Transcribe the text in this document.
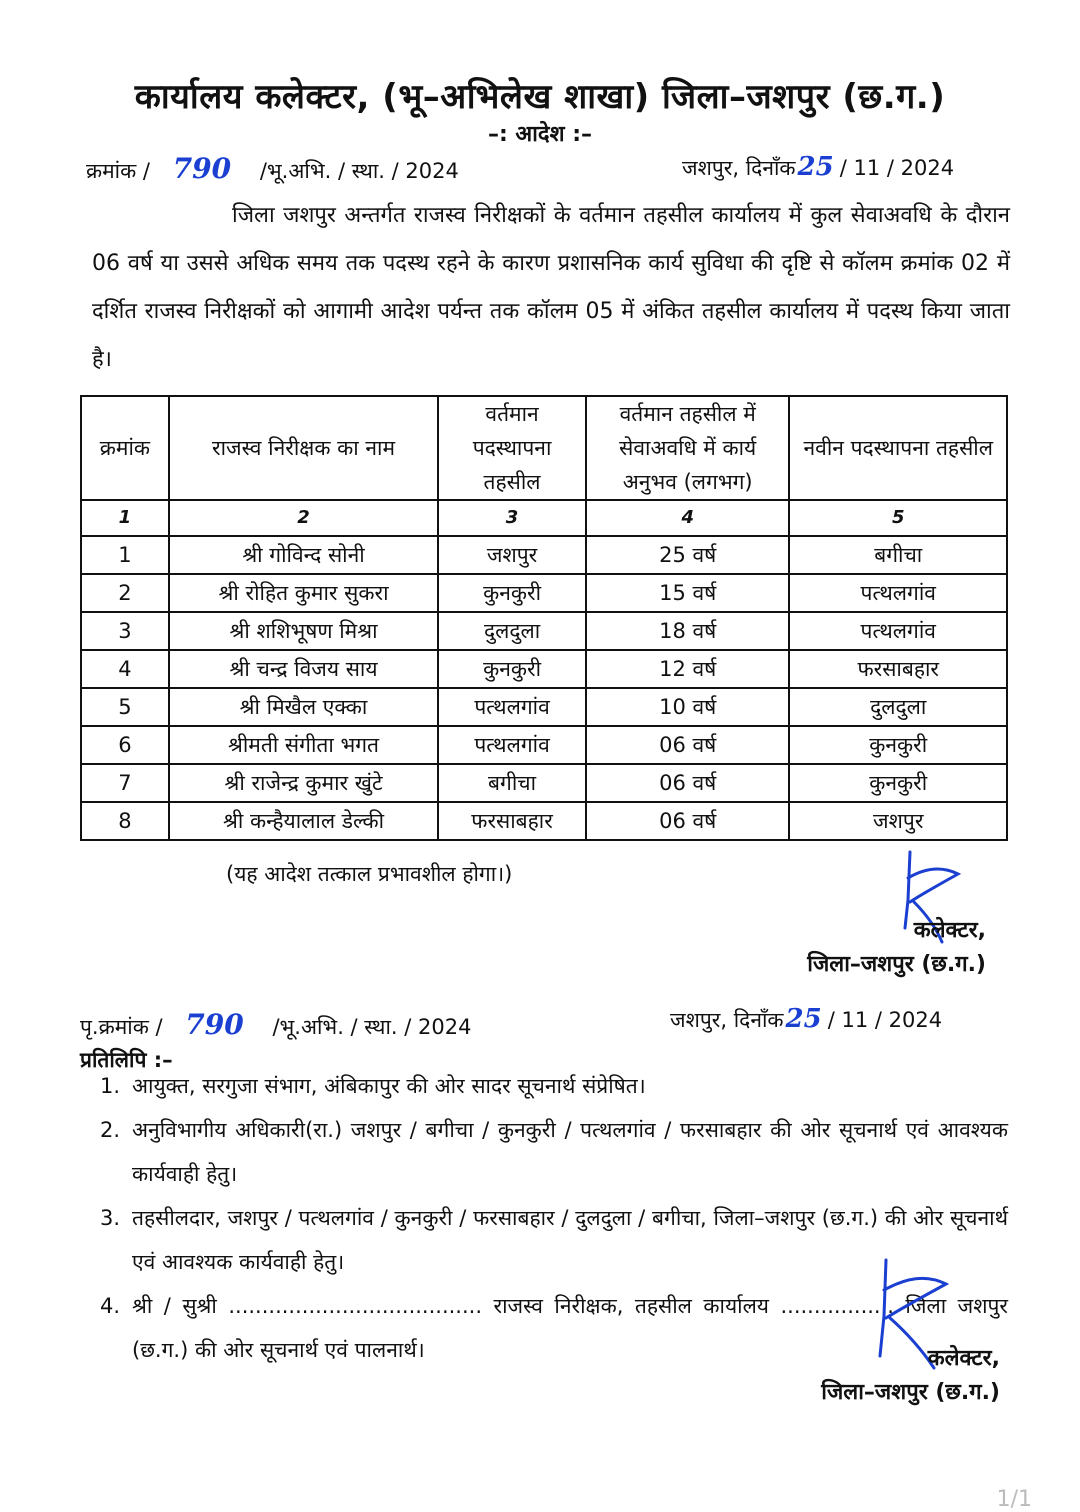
कार्यालय कलेक्टर, (भू–अभिलेख शाखा) जिला–जशपुर (छ.ग.)
–: आदेश :–
क्रमांक / 790 /भू.अभि. / स्था. / 2024	जशपुर, दिनाँक25 / 11 / 2024

जिला जशपुर अन्तर्गत राजस्व निरीक्षकों के वर्तमान तहसील कार्यालय में कुल सेवाअवधि के दौरान 06 वर्ष या उससे अधिक समय तक पदस्थ रहने के कारण प्रशासनिक कार्य सुविधा की दृष्टि से कॉलम क्रमांक 02 में दर्शित राजस्व निरीक्षकों को आगामी आदेश पर्यन्त तक कॉलम 05 में अंकित तहसील कार्यालय में पदस्थ किया जाता है।

क्रमांक	राजस्व निरीक्षक का नाम	वर्तमान पदस्थापना तहसील	वर्तमान तहसील में सेवाअवधि में कार्य अनुभव (लगभग)	नवीन पदस्थापना तहसील
1	2	3	4	5
1	श्री गोविन्द सोनी	जशपुर	25 वर्ष	बगीचा
2	श्री रोहित कुमार सुकरा	कुनकुरी	15 वर्ष	पत्थलगांव
3	श्री शशिभूषण मिश्रा	दुलदुला	18 वर्ष	पत्थलगांव
4	श्री चन्द्र विजय साय	कुनकुरी	12 वर्ष	फरसाबहार
5	श्री मिखैल एक्का	पत्थलगांव	10 वर्ष	दुलदुला
6	श्रीमती संगीता भगत	पत्थलगांव	06 वर्ष	कुनकुरी
7	श्री राजेन्द्र कुमार खुंटे	बगीचा	06 वर्ष	कुनकुरी
8	श्री कन्हैयालाल डेल्की	फरसाबहार	06 वर्ष	जशपुर
(यह आदेश तत्काल प्रभावशील होगा।)
कलेक्टर,
जिला–जशपुर (छ.ग.)
पृ.क्रमांक / 790 /भू.अभि. / स्था. / 2024	जशपुर, दिनाँक25 / 11 / 2024
प्रतिलिपि :–
1. आयुक्त, सरगुजा संभाग, अंबिकापुर की ओर सादर सूचनार्थ संप्रेषित।
2. अनुविभागीय अधिकारी(रा.) जशपुर / बगीचा / कुनकुरी / पत्थलगांव / फरसाबहार की ओर सूचनार्थ एवं आवश्यक कार्यवाही हेतु।
3. तहसीलदार, जशपुर / पत्थलगांव / कुनकुरी / फरसाबहार / दुलदुला / बगीचा, जिला–जशपुर (छ.ग.) की ओर सूचनार्थ एवं आवश्यक कार्यवाही हेतु।
4. श्री / सुश्री ...................................... राजस्व निरीक्षक, तहसील कार्यालय ................. जिला जशपुर (छ.ग.) की ओर सूचनार्थ एवं पालनार्थ।	कलेक्टर,
जिला–जशपुर (छ.ग.)
1/1
